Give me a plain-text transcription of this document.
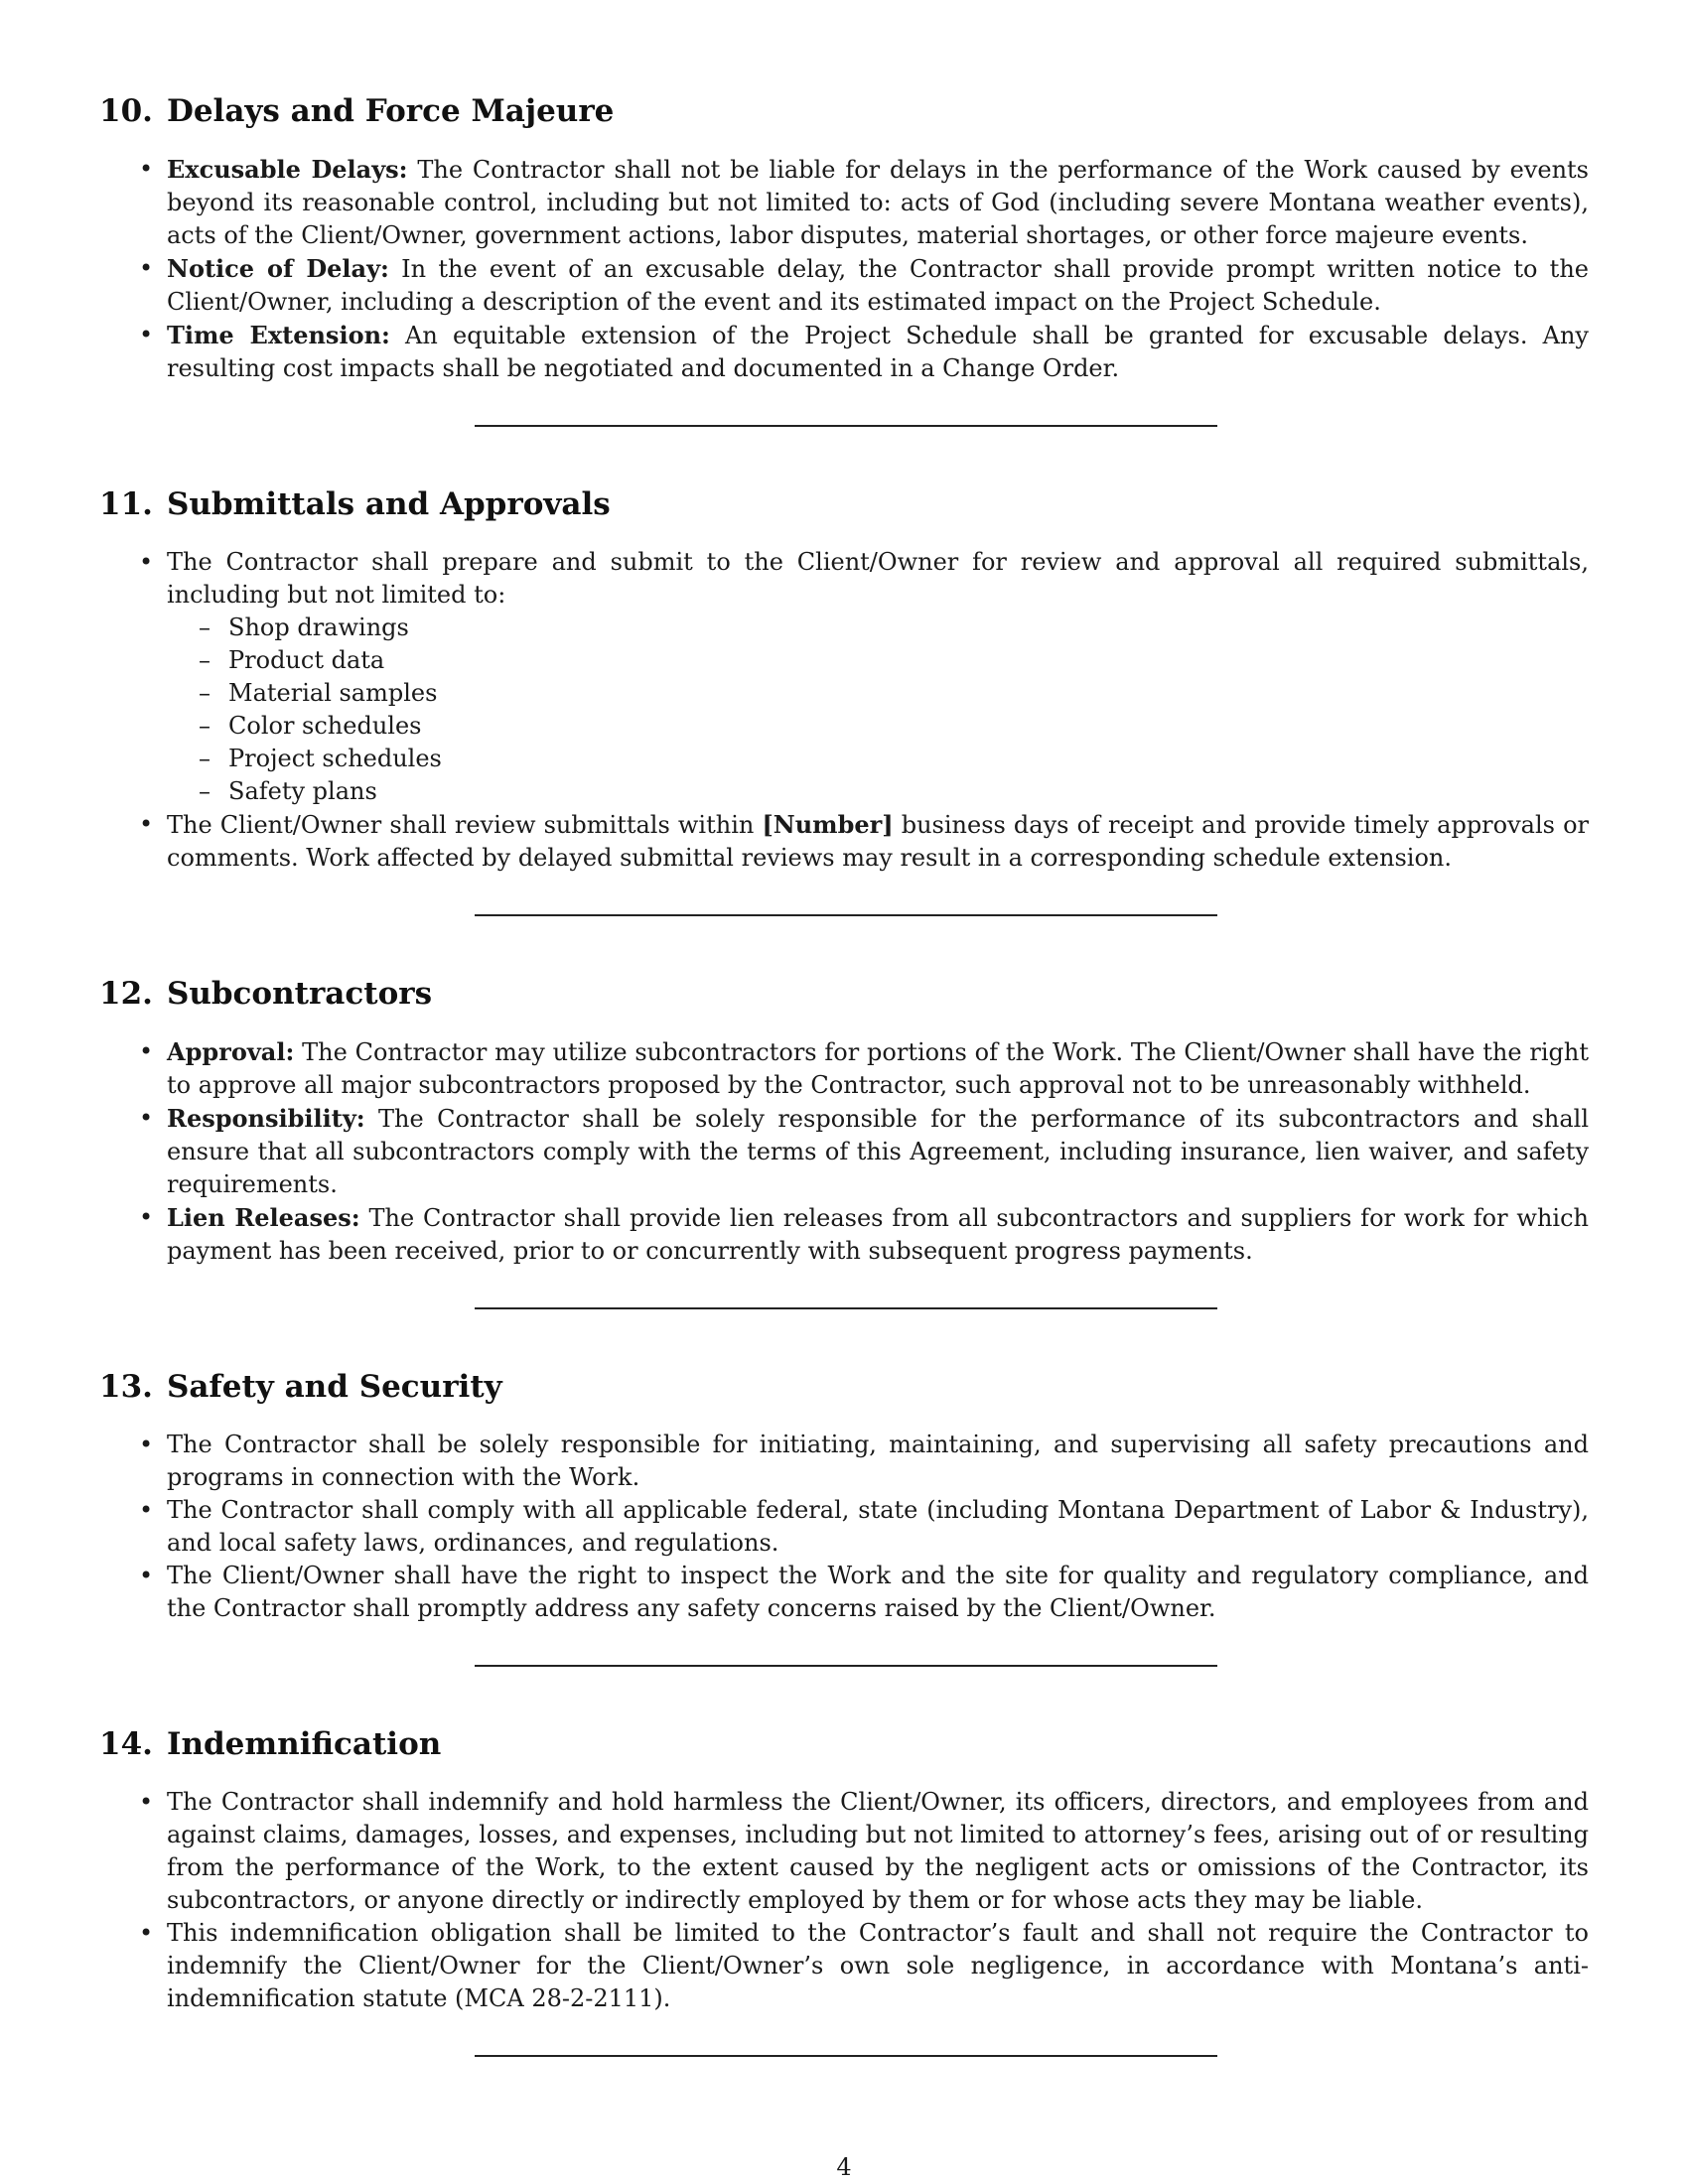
10. Delays and Force Majeure
• Excusable Delays: The Contractor shall not be liable for delays in the performance of the Work caused by events beyond its reasonable control, including but not limited to: acts of God (including severe Montana weather events), acts of the Client/Owner, government actions, labor disputes, material shortages, or other force majeure events.
• Notice of Delay: In the event of an excusable delay, the Contractor shall provide prompt written notice to the Client/Owner, including a description of the event and its estimated impact on the Project Schedule.
• Time Extension: An equitable extension of the Project Schedule shall be granted for excusable delays. Any resulting cost impacts shall be negotiated and documented in a Change Order.
11. Submittals and Approvals
• The Contractor shall prepare and submit to the Client/Owner for review and approval all required submittals, including but not limited to:
– Shop drawings
– Product data
– Material samples
– Color schedules
– Project schedules
– Safety plans
• The Client/Owner shall review submittals within [Number] business days of receipt and provide timely approvals or comments. Work affected by delayed submittal reviews may result in a corresponding schedule extension.
12. Subcontractors
• Approval: The Contractor may utilize subcontractors for portions of the Work. The Client/Owner shall have the right to approve all major subcontractors proposed by the Contractor, such approval not to be unreasonably withheld.
• Responsibility: The Contractor shall be solely responsible for the performance of its subcontractors and shall ensure that all subcontractors comply with the terms of this Agreement, including insurance, lien waiver, and safety requirements.
• Lien Releases: The Contractor shall provide lien releases from all subcontractors and suppliers for work for which payment has been received, prior to or concurrently with subsequent progress payments.
13. Safety and Security
• The Contractor shall be solely responsible for initiating, maintaining, and supervising all safety precautions and programs in connection with the Work.
• The Contractor shall comply with all applicable federal, state (including Montana Department of Labor & Industry), and local safety laws, ordinances, and regulations.
• The Client/Owner shall have the right to inspect the Work and the site for quality and regulatory compliance, and the Contractor shall promptly address any safety concerns raised by the Client/Owner.
14. Indemnification
• The Contractor shall indemnify and hold harmless the Client/Owner, its officers, directors, and employees from and against claims, damages, losses, and expenses, including but not limited to attorney’s fees, arising out of or resulting from the performance of the Work, to the extent caused by the negligent acts or omissions of the Contractor, its subcontractors, or anyone directly or indirectly employed by them or for whose acts they may be liable.
• This indemnification obligation shall be limited to the Contractor’s fault and shall not require the Contractor to indemnify the Client/Owner for the Client/Owner’s own sole negligence, in accordance with Montana’s anti-indemnification statute (MCA 28-2-2111).
4
